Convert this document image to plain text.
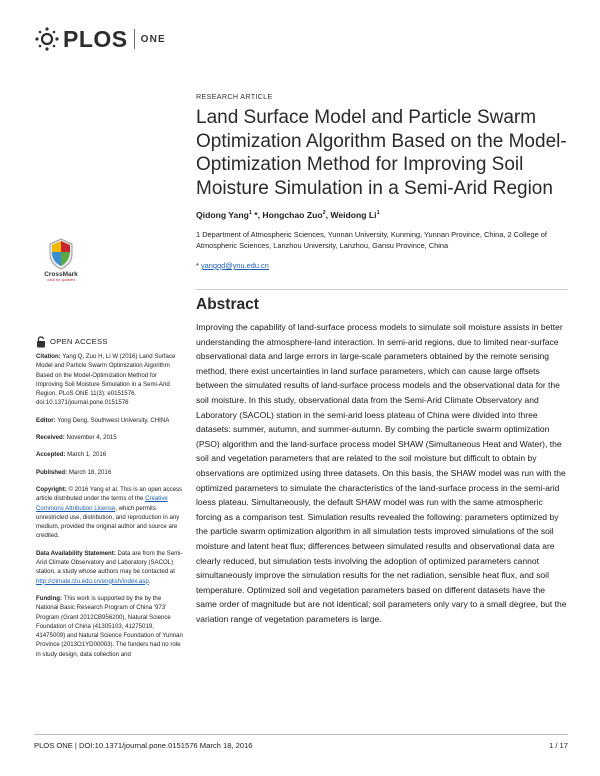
PLOS ONE
RESEARCH ARTICLE
Land Surface Model and Particle Swarm Optimization Algorithm Based on the Model-Optimization Method for Improving Soil Moisture Simulation in a Semi-Arid Region
Qidong Yang$^1$ *, Hongchao Zuo$^2$, Weidong Li$^1$
1 Department of Atmospheric Sciences, Yunnan University, Kunming, Yunnan Province, China, 2 College of Atmospheric Sciences, Lanzhou University, Lanzhou, Gansu Province, China
* yangqd@ynu.edu.cn
Abstract

Improving the capability of land-surface process models to simulate soil moisture assists in better understanding the atmosphere-land interaction. In semi-arid regions, due to limited near-surface observational data and large errors in large-scale parameters obtained by the remote sensing method, there exist uncertainties in land surface parameters, which can cause large offsets between the simulated results of land-surface process models and the observational data for the soil moisture. In this study, observational data from the Semi-Arid Climate Observatory and Laboratory (SACOL) station in the semi-arid loess plateau of China were divided into three datasets: summer, autumn, and summer-autumn. By combing the particle swarm optimization (PSO) algorithm and the land-surface process model SHAW (Simultaneous Heat and Water), the soil and vegetation parameters that are related to the soil moisture but difficult to obtain by observations are optimized using three datasets. On this basis, the SHAW model was run with the optimized parameters to simulate the characteristics of the land-surface process in the semi-arid loess plateau. Simultaneously, the default SHAW model was run with the same atmospheric forcing as a comparison test. Simulation results revealed the following: parameters optimized by the particle swarm optimization algorithm in all simulation tests improved simulations of the soil moisture and latent heat flux; differences between simulated results and observational data are clearly reduced, but simulation tests involving the adoption of optimized parameters cannot simultaneously improve the simulation results for the net radiation, sensible heat flux, and soil temperature. Optimized soil and vegetation parameters based on different datasets have the same order of magnitude but are not identical; soil parameters only vary to a small degree, but the variation range of vegetation parameters is large.

CrossMark
click for updates
OPEN ACCESS

Citation: Yang Q, Zuo H, Li W (2016) Land Surface Model and Particle Swarm Optimization Algorithm Based on the Model-Optimization Method for Improving Soil Moisture Simulation in a Semi-Arid Region. PLoS ONE 11(3): e0151576. doi:10.1371/journal.pone.0151576

Editor: Yong Deng, Southwest University, CHINA

Received: November 4, 2015

Accepted: March 1, 2016

Published: March 18, 2016

Copyright: © 2016 Yang et al. This is an open access article distributed under the terms of the Creative Commons Attribution License, which permits unrestricted use, distribution, and reproduction in any medium, provided the original author and source are credited.

Data Availability Statement: Data are from the Semi-Arid Climate Observatory and Laboratory (SACOL) station, a study whose authors may be contacted at http://climate.lzu.edu.cn/english/index.asp.

Funding: This work is supported by the by the National Basic Research Program of China '973' Program (Grant 2012CB956200), Natural Science Foundation of China (41305103, 41275019, 41475009) and Natural Science Foundation of Yunnan Province (2013O1YD00003). The funders had no role in study design, data collection and

PLOS ONE | DOI:10.1371/journal.pone.0151576 March 18, 2016	1 / 17
